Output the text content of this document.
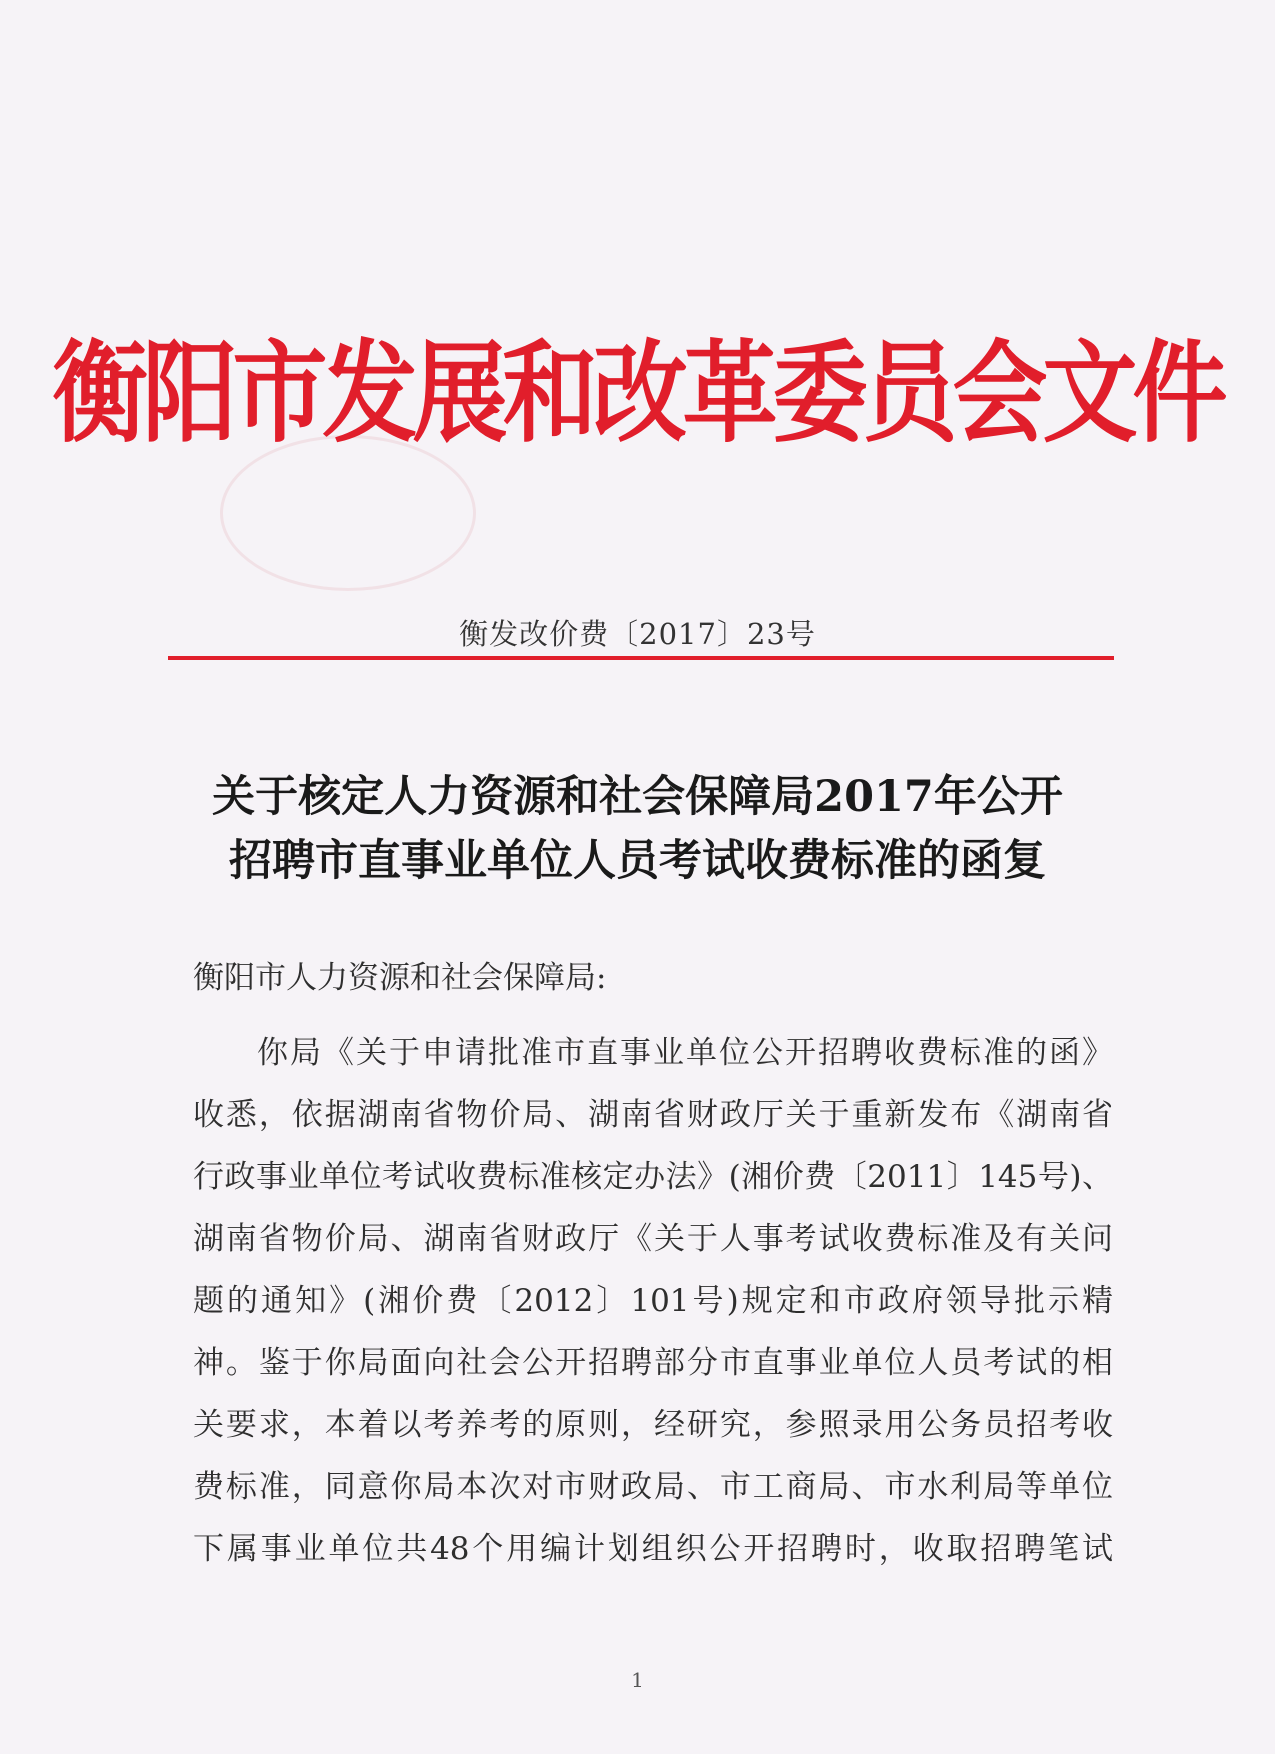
衡阳市发展和改革委员会文件
衡发改价费〔2017〕23号
关于核定人力资源和社会保障局2017年公开
招聘市直事业单位人员考试收费标准的函复
衡阳市人力资源和社会保障局:
你局《关于申请批准市直事业单位公开招聘收费标准的函》
收悉，依据湖南省物价局、湖南省财政厅关于重新发布《湖南省
行政事业单位考试收费标准核定办法》(湘价费〔2011〕145号)、
湖南省物价局、湖南省财政厅《关于人事考试收费标准及有关问
题的通知》(湘价费〔2012〕101号)规定和市政府领导批示精
神。鉴于你局面向社会公开招聘部分市直事业单位人员考试的相
关要求，本着以考养考的原则，经研究，参照录用公务员招考收
费标准，同意你局本次对市财政局、市工商局、市水利局等单位
下属事业单位共48个用编计划组织公开招聘时，收取招聘笔试
1
